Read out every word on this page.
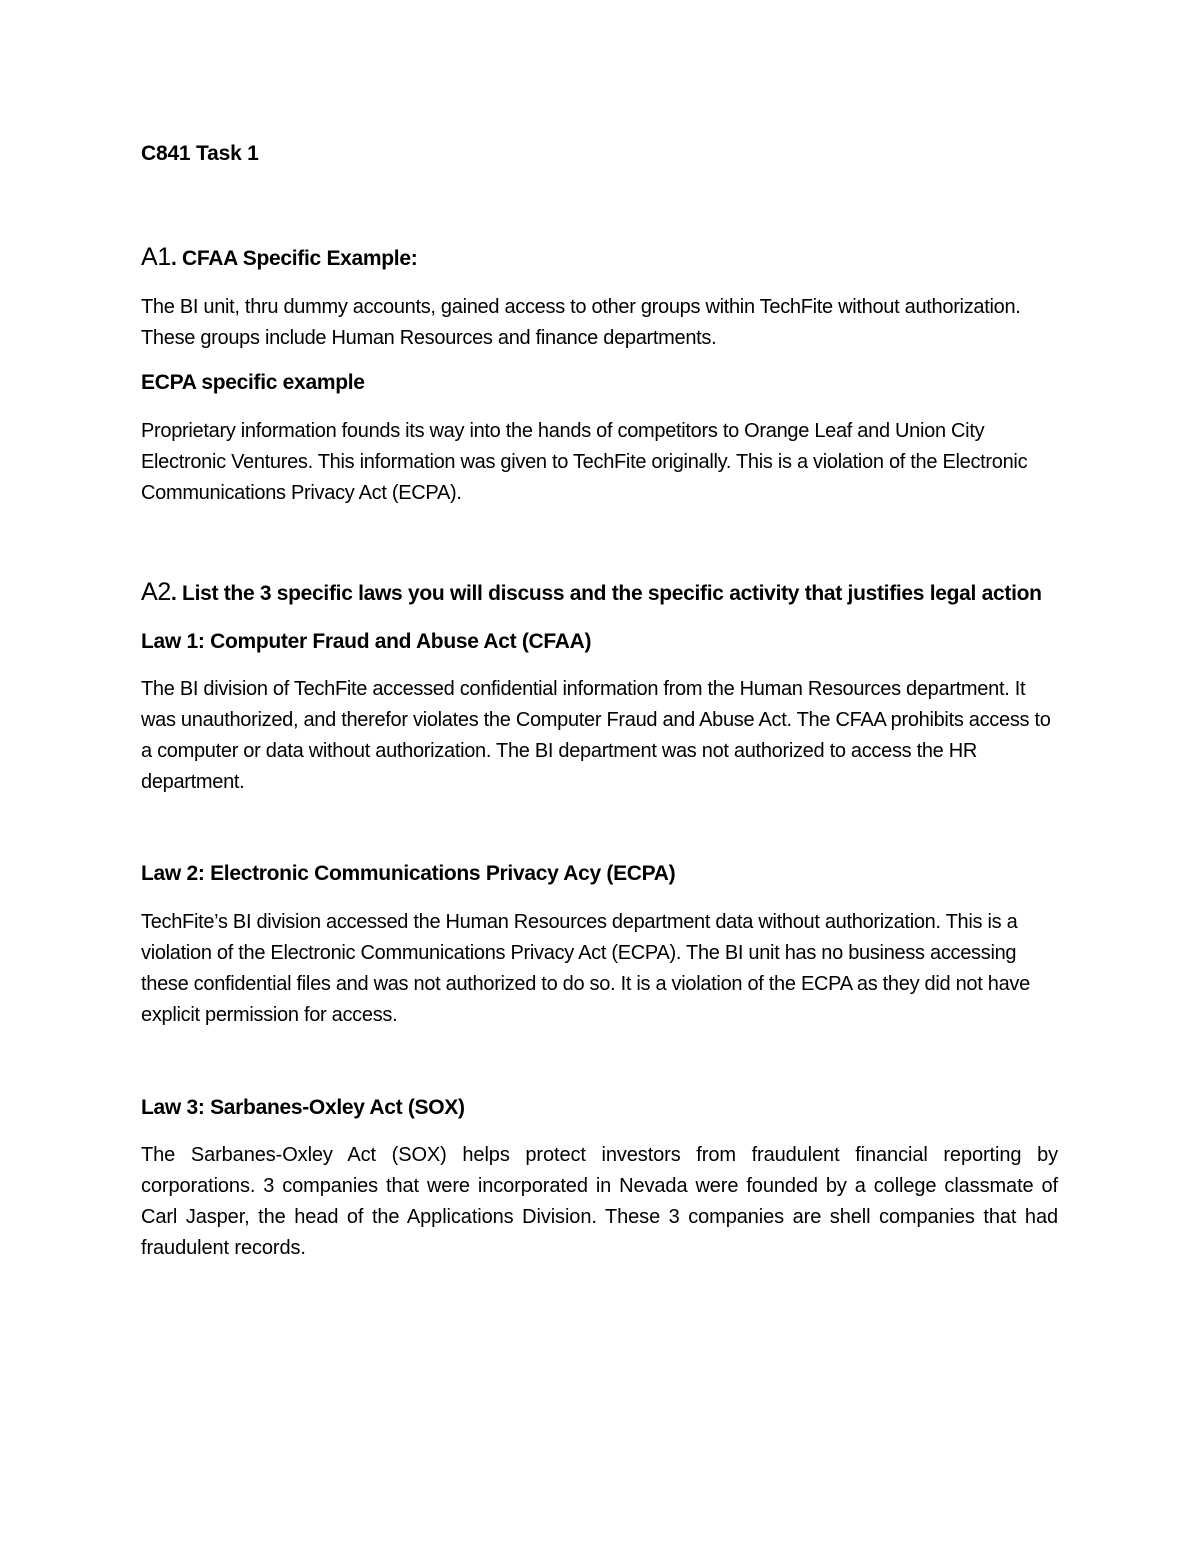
C841 Task 1
A1. CFAA Specific Example:
The BI unit, thru dummy accounts, gained access to other groups within TechFite without authorization. These groups include Human Resources and finance departments.
ECPA specific example
Proprietary information founds its way into the hands of competitors to Orange Leaf and Union City Electronic Ventures. This information was given to TechFite originally. This is a violation of the Electronic Communications Privacy Act (ECPA).
A2. List the 3 specific laws you will discuss and the specific activity that justifies legal action
Law 1: Computer Fraud and Abuse Act (CFAA)
The BI division of TechFite accessed confidential information from the Human Resources department. It was unauthorized, and therefor violates the Computer Fraud and Abuse Act. The CFAA prohibits access to a computer or data without authorization. The BI department was not authorized to access the HR department.
Law 2: Electronic Communications Privacy Acy (ECPA)
TechFite’s BI division accessed the Human Resources department data without authorization. This is a violation of the Electronic Communications Privacy Act (ECPA). The BI unit has no business accessing these confidential files and was not authorized to do so. It is a violation of the ECPA as they did not have explicit permission for access.
Law 3: Sarbanes-Oxley Act (SOX)
The Sarbanes-Oxley Act (SOX) helps protect investors from fraudulent financial reporting by corporations. 3 companies that were incorporated in Nevada were founded by a college classmate of Carl Jasper, the head of the Applications Division. These 3 companies are shell companies that had fraudulent records.
